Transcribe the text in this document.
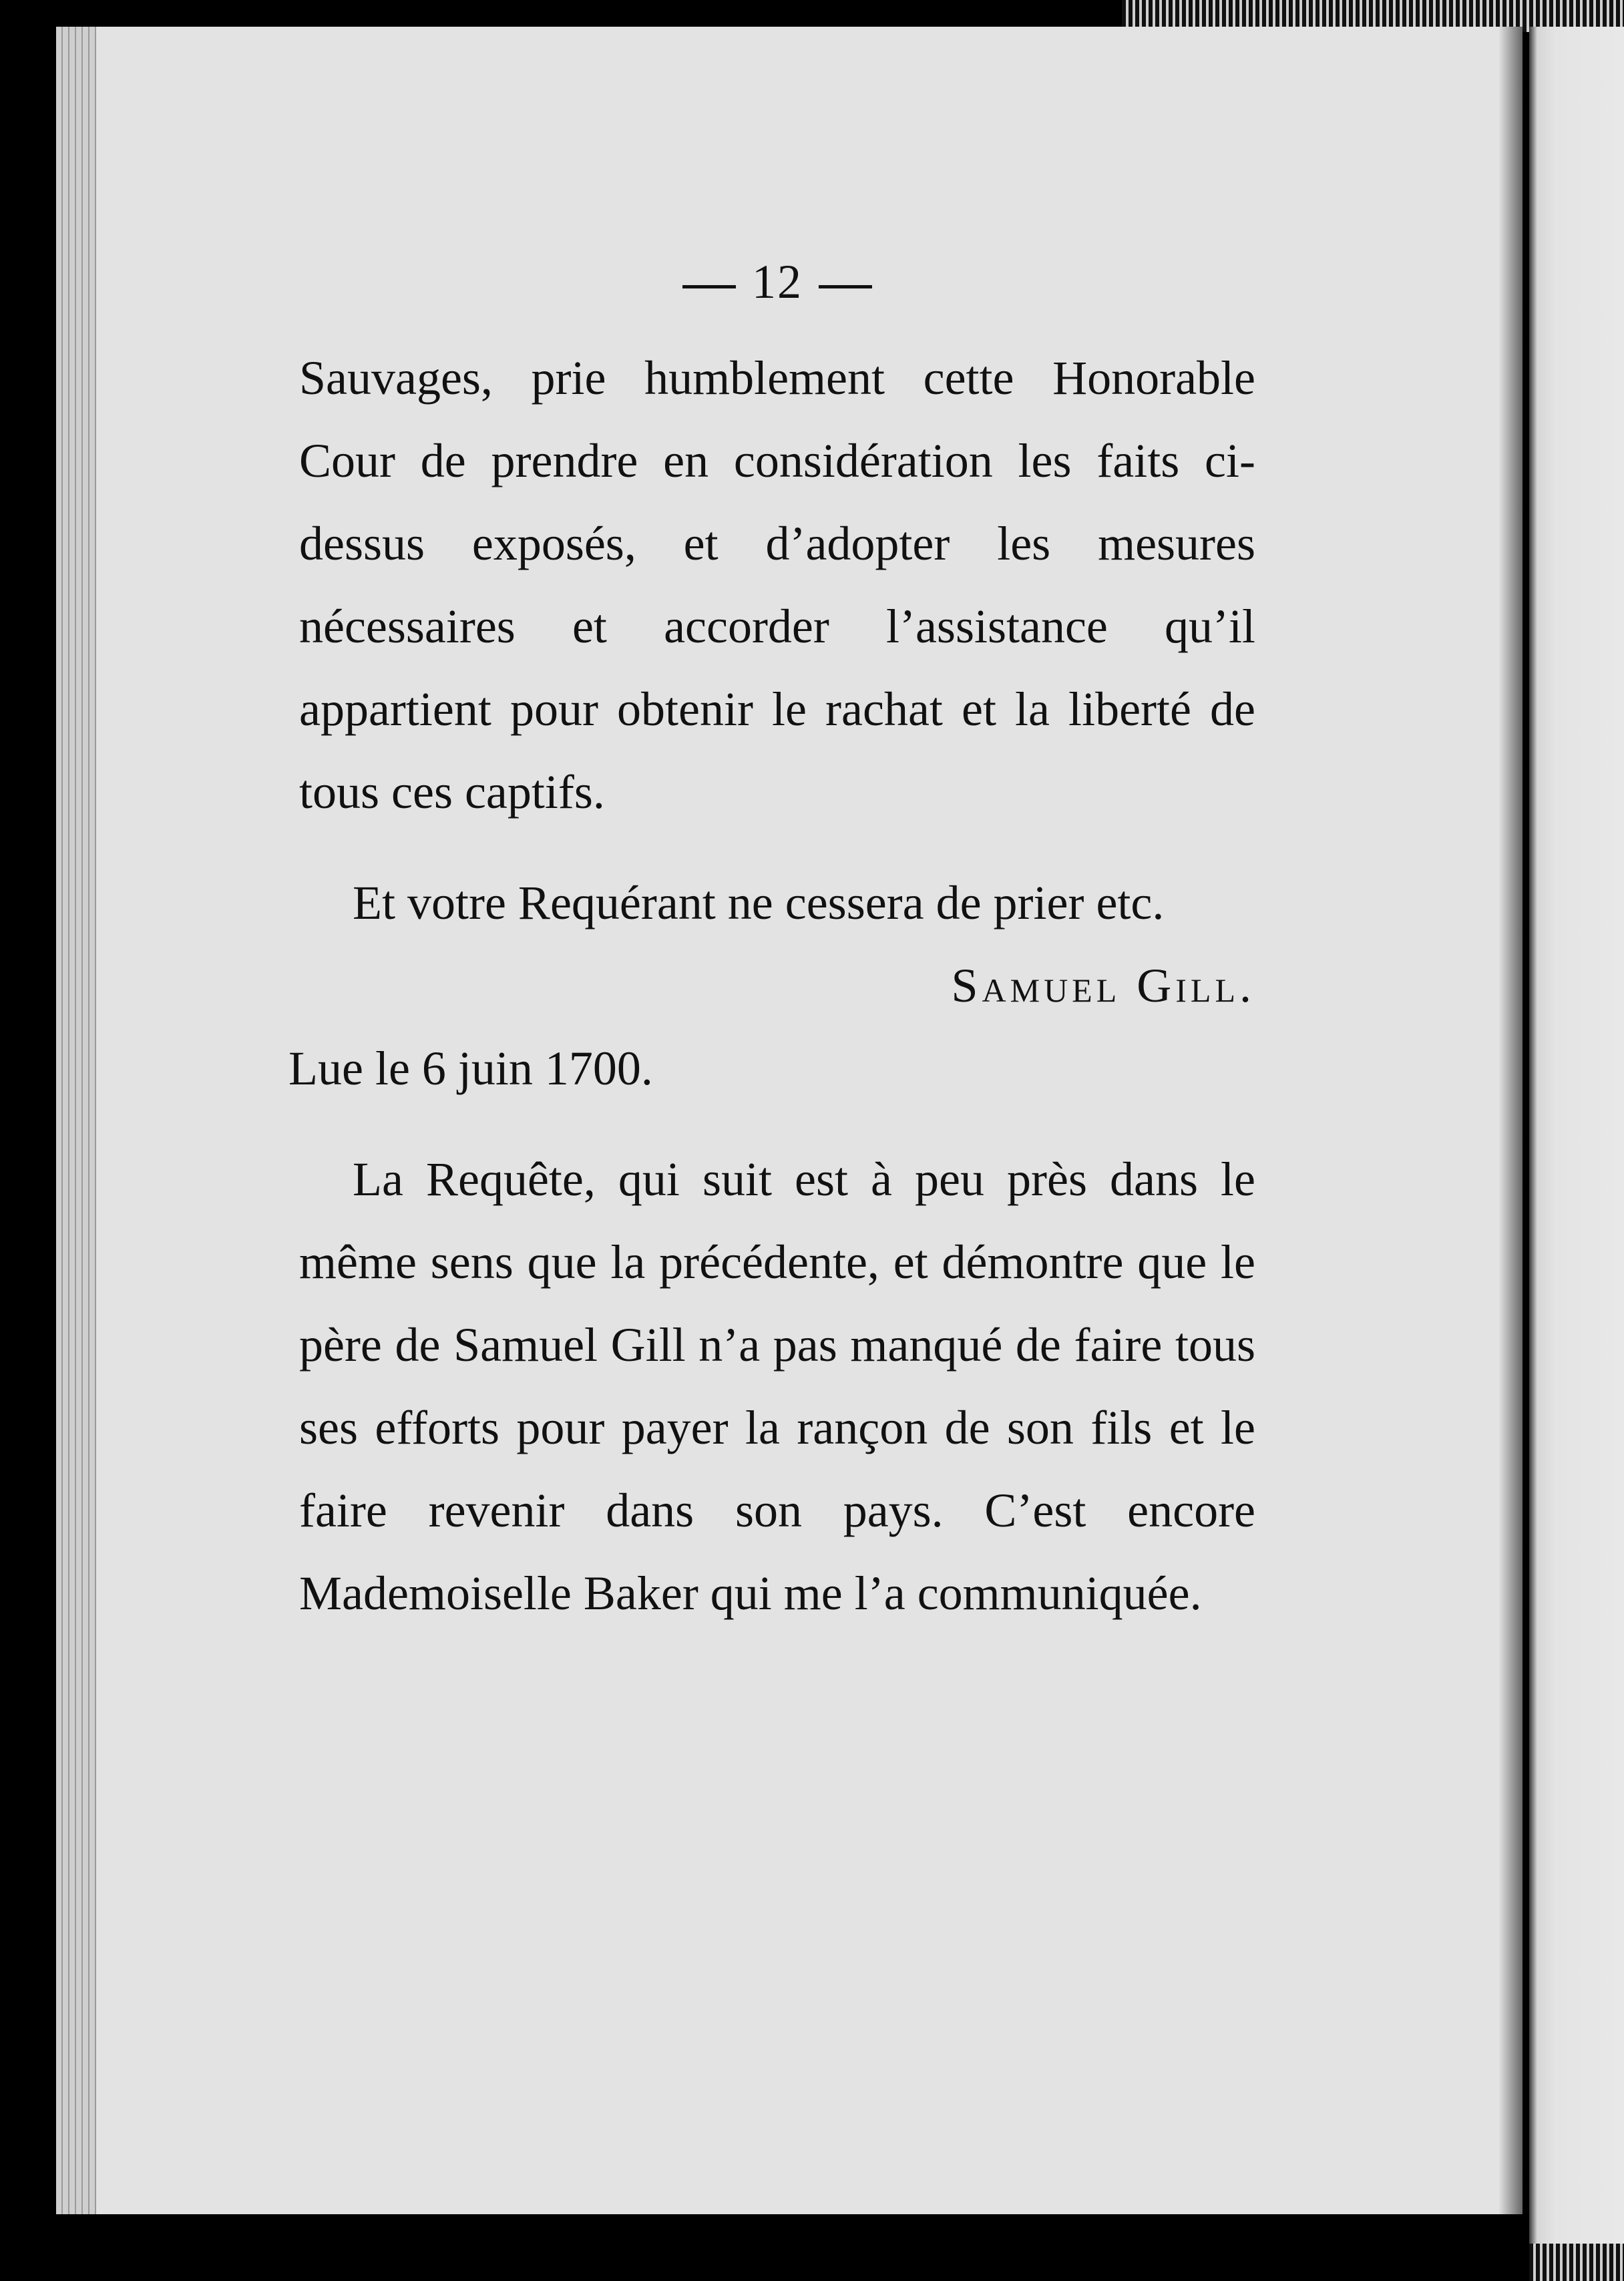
12

Sauvages, prie humblement cette Honorable Cour de prendre en considération les faits ci-dessus exposés, et d’adopter les mesures nécessaires et accorder l’assistance qu’il appartient pour obtenir le rachat et la liberté de tous ces captifs.

Et votre Requérant ne cessera de prier etc.

Samuel Gill.

Lue le 6 juin 1700.

La Requête, qui suit est à peu près dans le même sens que la précédente, et démontre que le père de Samuel Gill n’a pas manqué de faire tous ses efforts pour payer la rançon de son fils et le faire revenir dans son pays. C’est encore Mademoiselle Baker qui me l’a communiquée.
